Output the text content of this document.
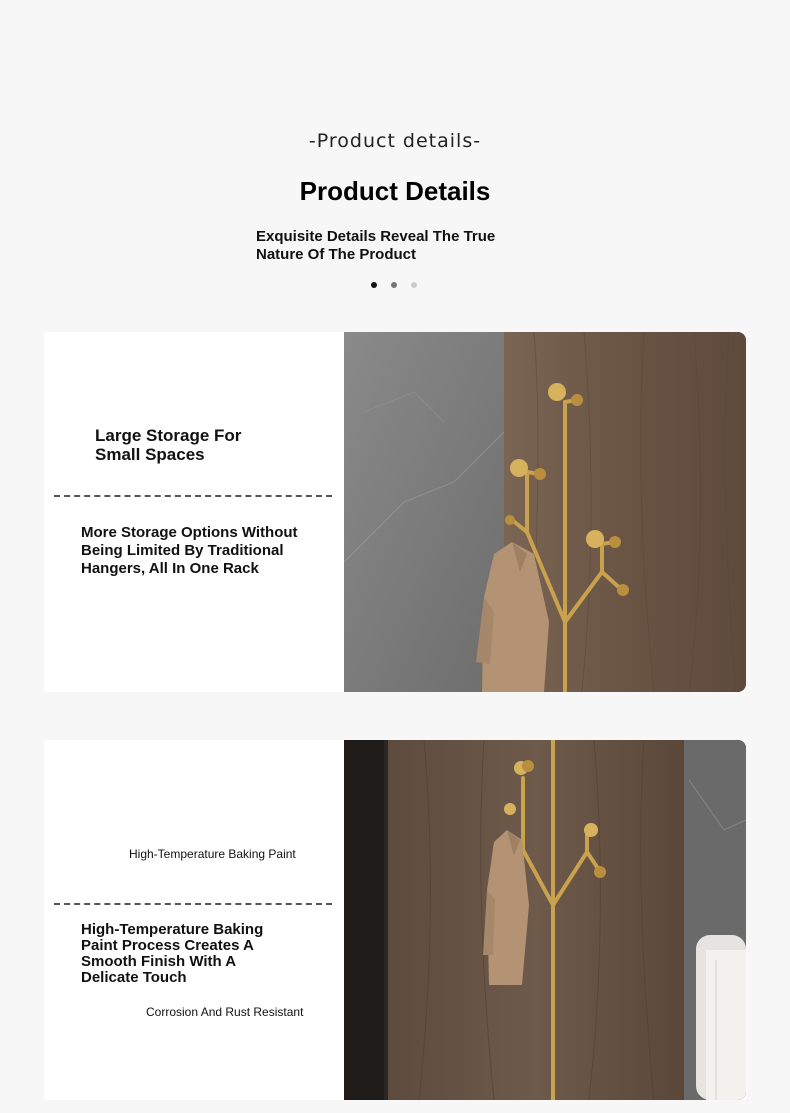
-Product details-
Product Details
Exquisite Details Reveal The True
Nature Of The Product
Large Storage For
Small Spaces
More Storage Options Without
Being Limited By Traditional
Hangers, All In One Rack
High-Temperature Baking Paint
High-Temperature Baking
Paint Process Creates A
Smooth Finish With A
Delicate Touch
Corrosion And Rust Resistant
